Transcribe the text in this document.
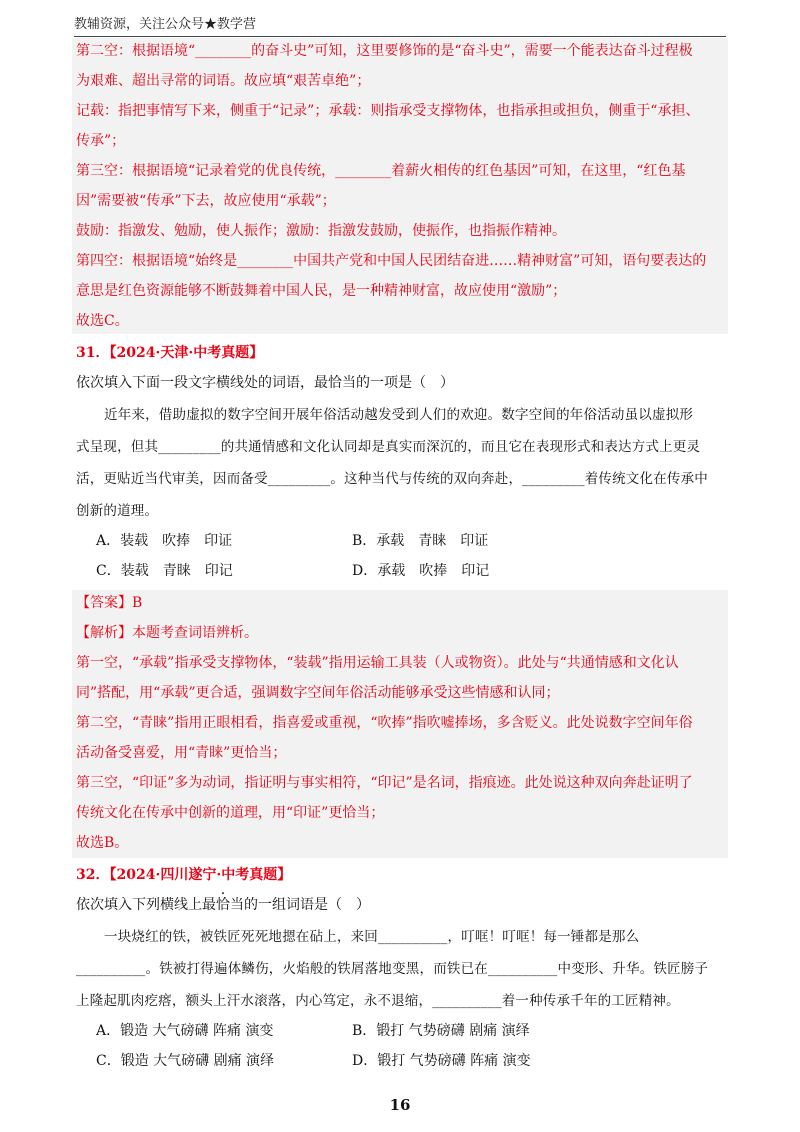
教辅资源，关注公众号★教学营
第二空：根据语境“________的奋斗史”可知，这里要修饰的是“奋斗史”，需要一个能表达奋斗过程极
为艰难、超出寻常的词语。故应填“艰苦卓绝”；
记载：指把事情写下来，侧重于“记录”；承载：则指承受支撑物体，也指承担或担负，侧重于“承担、
传承”；
第三空：根据语境“记录着党的优良传统，________着薪火相传的红色基因”可知，在这里，“红色基
因”需要被“传承”下去，故应使用“承载”；
鼓励：指激发、勉励，使人振作；激励：指激发鼓励，使振作，也指振作精神。
第四空：根据语境“始终是________中国共产党和中国人民团结奋进……精神财富”可知，语句要表达的
意思是红色资源能够不断鼓舞着中国人民，是一种精神财富，故应使用“激励”；
故选C。
31．【2024·天津·中考真题】
依次填入下面一段文字横线处的词语，最恰当的一项是（　）
近年来，借助虚拟的数字空间开展年俗活动越发受到人们的欢迎。数字空间的年俗活动虽以虚拟形
式呈现，但其_________的共通情感和文化认同却是真实而深沉的，而且它在表现形式和表达方式上更灵
活，更贴近当代审美，因而备受_________。这种当代与传统的双向奔赴，_________着传统文化在传承中
创新的道理。
A．装载　吹捧　印证	B．承载　青睐　印证
C．装载　青睐　印记	D．承载　吹捧　印记
【答案】B
【解析】本题考查词语辨析。
第一空，“承载”指承受支撑物体，“装载”指用运输工具装（人或物资）。此处与“共通情感和文化认
同”搭配，用“承载”更合适，强调数字空间年俗活动能够承受这些情感和认同；
第二空，“青睐”指用正眼相看，指喜爱或重视，“吹捧”指吹嘘捧场，多含贬义。此处说数字空间年俗
活动备受喜爱，用“青睐”更恰当；
第三空，“印证”多为动词，指证明与事实相符，“印记”是名词，指痕迹。此处说这种双向奔赴证明了
传统文化在传承中创新的道理，用“印证”更恰当；
故选B。
32．【2024·四川遂宁·中考真题】
依次填入下列横线上最恰当的一组词语是（　）
一块烧红的铁，被铁匠死死地摁在砧上，来回__________，叮哐！叮哐！每一锤都是那么
__________。铁被打得遍体鳞伤，火焰般的铁屑落地变黑，而铁已在__________中变形、升华。铁匠膀子
上隆起肌肉疙瘩，额头上汗水滚落，内心笃定，永不退缩，__________着一种传承千年的工匠精神。
A．锻造 大气磅礴 阵痛 演变	B．锻打 气势磅礴 剧痛 演绎
C．锻造 大气磅礴 剧痛 演绎	D．锻打 气势磅礴 阵痛 演变
16
